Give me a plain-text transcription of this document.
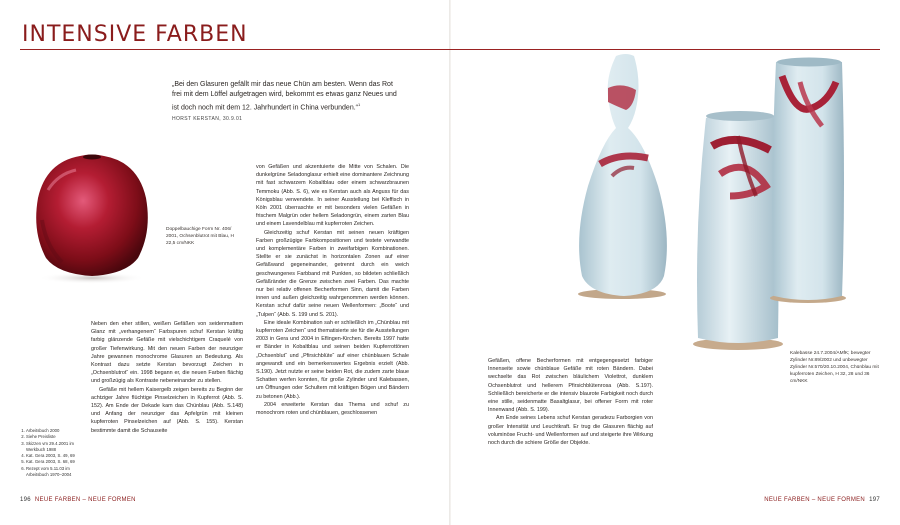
INTENSIVE FARBEN
„Bei den Glasuren gefällt mir das neue Chün am besten. Wenn das Rot frei mit dem Löffel aufgetragen wird, bekommt es etwas ganz Neues und ist doch noch mit dem 12. Jahrhundert in China verbunden.“$^1$
HORST KERSTAN, 30.9.01
Doppelbauchige Form Nr. 406/ 2001, Ochsenblutrot mit Blau, H 22,5 cm/NKK

Neben den eher stillen, weißen Gefäßen von seidenmattem Glanz mit „verhangenem“ Farbspuren schuf Kerstan kräftig farbig glänzende Gefäße mit vielschichtigem Craquelé von großer Tiefenwirkung. Mit den neuen Farben der neunziger Jahre gewannen monochrome Glasuren an Bedeutung. Als Kontrast dazu setzte Kerstan bevorzugt Zeichen in „Ochsenblutrot“ ein. 1998 begann er, die neuen Farben flächig und großzügig als Kontraste nebeneinander zu stellen.

Gefäße mit hellem Kaisergelb zeigen bereits zu Beginn der achtziger Jahre flüchtige Pinselzeichen in Kupferrot (Abb. S. 152). Am Ende der Dekade kam das Chünblau (Abb. S.148) und Anfang der neunziger das Apfelgrün mit kleinen kupferroten Pinselzeichen auf (Abb. S. 155). Kerstan bestimmte damit die Schauseite

von Gefäßen und akzentuierte die Mitte von Schalen. Die dunkelgrüne Seladonglasur erhielt eine dominantere Zeichnung mit fast schwarzem Kobaltblau oder einem schwarzbraunen Temmoku (Abb. S. 6), wie es Kerstan auch als Anguss für das Königsblau verwendete. In seiner Ausstellung bei Kleffisch in Köln 2001 überraschte er mit besonders vielen Gefäßen in frischem Malgrün oder hellem Seladongrün, einem zarten Blau und einem Lavendelblau mit kupferroten Zeichen.

Gleichzeitig schuf Kerstan mit seinen neuen kräftigen Farben großzügige Farbkompositionen und testete verwandte und komplementäre Farben in zweifarbigen Kombinationen. Stellte er sie zunächst in horizontalen Zonen auf einer Gefäßwand gegeneinander, getrennt durch ein weich geschwungenes Farbband mit Punkten, so bildeten schließlich Gefäßränder die Grenze zwischen zwei Farben. Das machte nur bei relativ offenen Becherformen Sinn, damit die Farben innen und außen gleichzeitig wahrgenommen werden können. Kerstan schuf dafür seine neuen Wellenformen: „Boote“ und „Tulpen“ (Abb. S. 199 und S. 201).

Eine ideale Kombination sah er schließlich im „Chünblau mit kupferroten Zeichen“ und thematisierte sie für die Ausstellungen 2003 in Gera und 2004 in Eflingen-Kirchen. Bereits 1997 hatte er Bänder in Kobaltblau und seinen beiden Kupferrottönen „Ochsenblut“ und „Pfirsichblüte“ auf einer chünblauen Schale angewandt und ein bemerkenswertes Ergebnis erzielt (Abb. S.190). Jetzt nutzte er seine beiden Rot, die zudem zarte blaue Schatten werfen konnten, für große Zylinder und Kalebassen, um Öffnungen oder Schultern mit kräftigen Bögen und Bändern zu betonen (Abb.).

2004 erweiterte Kerstan das Thema und schuf zu monochrom roten und chünblauen, geschlossenen

Gefäßen, offene Becherformen mit entgegengesetzt farbiger Innenseite sowie chünblaue Gefäße mit roten Bändern. Dabei wechselte das Rot zwischen bläulichem Violettrot, dunklem Ochsenblutrot und hellerem Pfirsichblütenrosa (Abb. S.197). Schließlich bereicherte er die intensiv blaurote Farbigkeit noch durch eine stille, seidenmatte Basaltglasur, bei offener Form mit roter Innenwand (Abb. S. 199).

Am Ende seines Lebens schuf Kerstan geradezu Farborgien von großer Intensität und Leuchtkraft. Er trug die Glasuren flächig auf voluminöse Frucht- und Wellenformen auf und steigerte ihre Wirkung noch durch die schiere Größe der Objekte.

1. Arbeitsbuch 2000
2. Siehe Preisliste
3. Skizzen vm 29.4.2001 im Werkbuch 1988
4. Kat. Gera 2003, S. 49, 69
5. Kat. Gera 2003, S. 68, 69
6. Rezept vom 5.11.03 im Arbeitsbuch 1970–2004
Kalebasse 24.7.2004/AMfK; bewegter Zylinder Nr.89/2002 und unbewegter Zylinder Nr.570/20.10.2004, Chünblau mit kupferroten Zeichen, H 32, 28 und 36 cm/NKK
196 NEUE FARBEN – NEUE FORMEN	NEUE FARBEN – NEUE FORMEN 197
